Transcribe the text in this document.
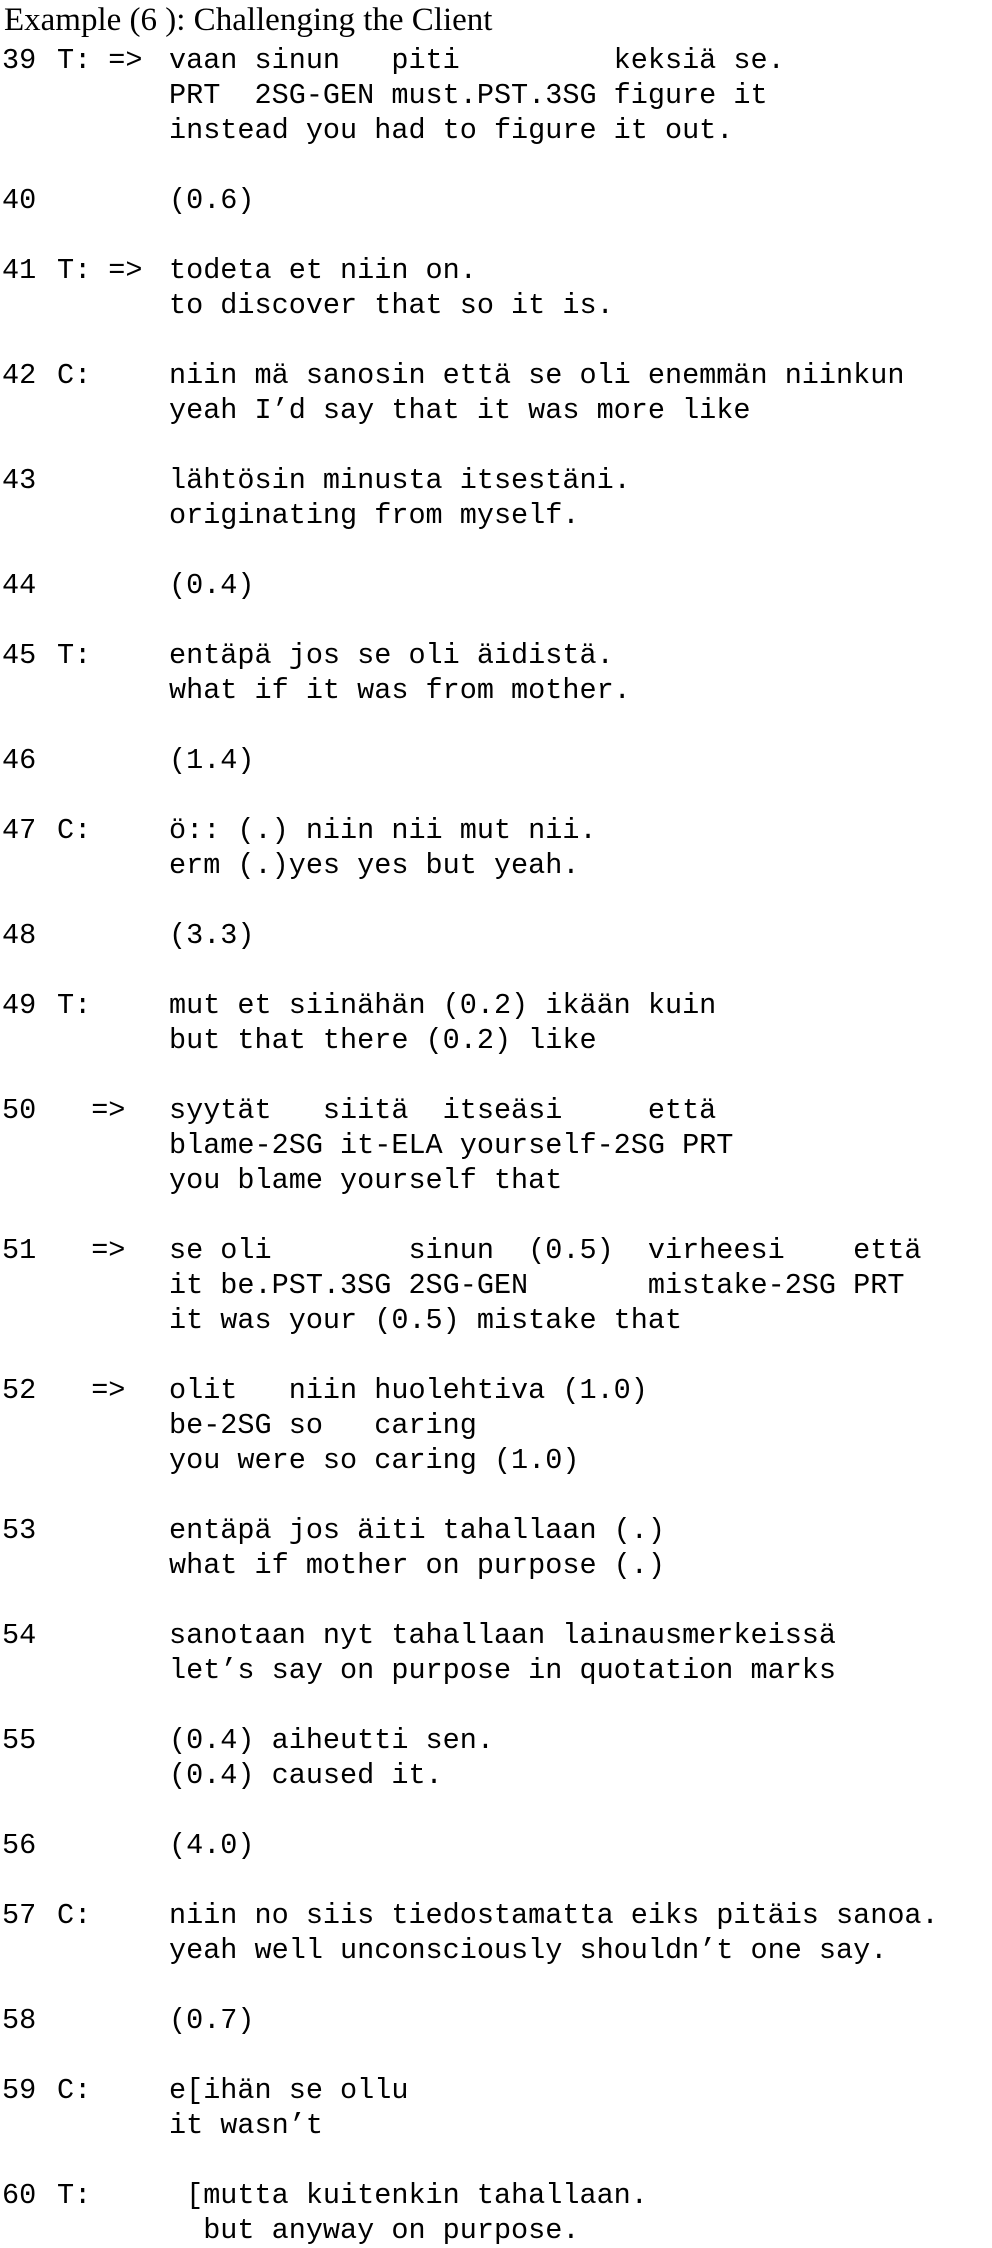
Example (6 ): Challenging the Client
39 T: => vaan sinun   piti         keksiä se.
PRT  2SG-GEN must.PST.3SG figure it
instead you had to figure it out.
40	(0.6)
41 T: => todeta et niin on.
to discover that so it is.
42 C:	niin mä sanosin että se oli enemmän niinkun
yeah I’d say that it was more like
43	lähtösin minusta itsestäni.
originating from myself.
44	(0.4)
45 T:	entäpä jos se oli äidistä.
what if it was from mother.
46	(1.4)
47 C:	ö:: (.) niin nii mut nii.
erm (.)yes yes but yeah.
48	(3.3)
49 T:	mut et siinähän (0.2) ikään kuin
but that there (0.2) like
50 => syytät   siitä  itseäsi     että
blame-2SG it-ELA yourself-2SG PRT
you blame yourself that
51 => se oli        sinun  (0.5)  virheesi    että
it be.PST.3SG 2SG-GEN       mistake-2SG PRT
it was your (0.5) mistake that
52 => olit   niin huolehtiva (1.0)
be-2SG so   caring
you were so caring (1.0)
53	entäpä jos äiti tahallaan (.)
what if mother on purpose (.)
54	sanotaan nyt tahallaan lainausmerkeissä
let’s say on purpose in quotation marks
55	(0.4) aiheutti sen.
(0.4) caused it.
56	(4.0)
57 C:	niin no siis tiedostamatta eiks pitäis sanoa.
yeah well unconsciously shouldn’t one say.
58	(0.7)
59 C:	e[ihän se ollu
it wasn’t
60 T:	[mutta kuitenkin tahallaan.
but anyway on purpose.
